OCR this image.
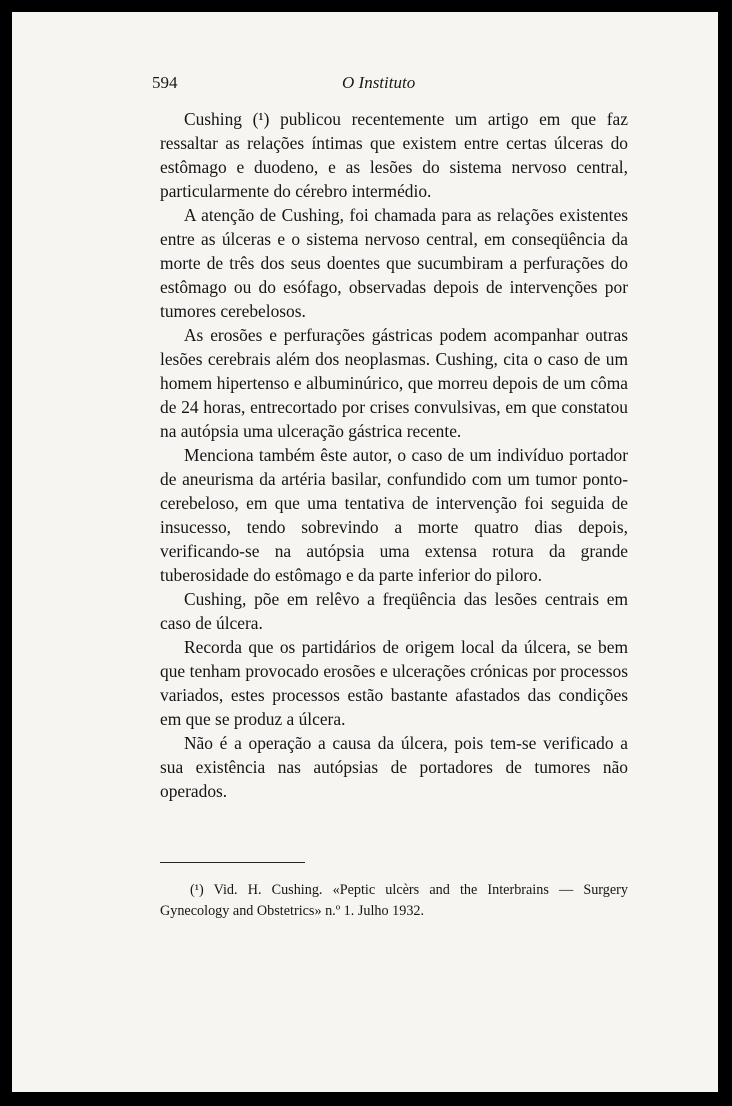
594	O Instituto

Cushing (¹) publicou recentemente um artigo em que faz ressaltar as relações íntimas que existem entre certas úlceras do estômago e duodeno, e as lesões do sistema nervoso central, particularmente do cérebro intermédio.

A atenção de Cushing, foi chamada para as relações existentes entre as úlceras e o sistema nervoso central, em conseqüência da morte de três dos seus doentes que sucumbiram a perfurações do estômago ou do esófago, observadas depois de intervenções por tumores cerebelosos.

As erosões e perfurações gástricas podem acompanhar outras lesões cerebrais além dos neoplasmas. Cushing, cita o caso de um homem hipertenso e albuminúrico, que morreu depois de um côma de 24 horas, entrecortado por crises convulsivas, em que constatou na autópsia uma ulceração gástrica recente.

Menciona também êste autor, o caso de um indivíduo portador de aneurisma da artéria basilar, confundido com um tumor ponto-cerebeloso, em que uma tentativa de intervenção foi seguida de insucesso, tendo sobrevindo a morte quatro dias depois, verificando-se na autópsia uma extensa rotura da grande tuberosidade do estômago e da parte inferior do piloro.

Cushing, põe em relêvo a freqüência das lesões centrais em caso de úlcera.

Recorda que os partidários de origem local da úlcera, se bem que tenham provocado erosões e ulcerações crónicas por processos variados, estes processos estão bastante afastados das condições em que se produz a úlcera.

Não é a operação a causa da úlcera, pois tem-se verificado a sua existência nas autópsias de portadores de tumores não operados.

(¹) Vid. H. Cushing. «Peptic ulcèrs and the Interbrains — Surgery Gynecology and Obstetrics» n.º 1. Julho 1932.
